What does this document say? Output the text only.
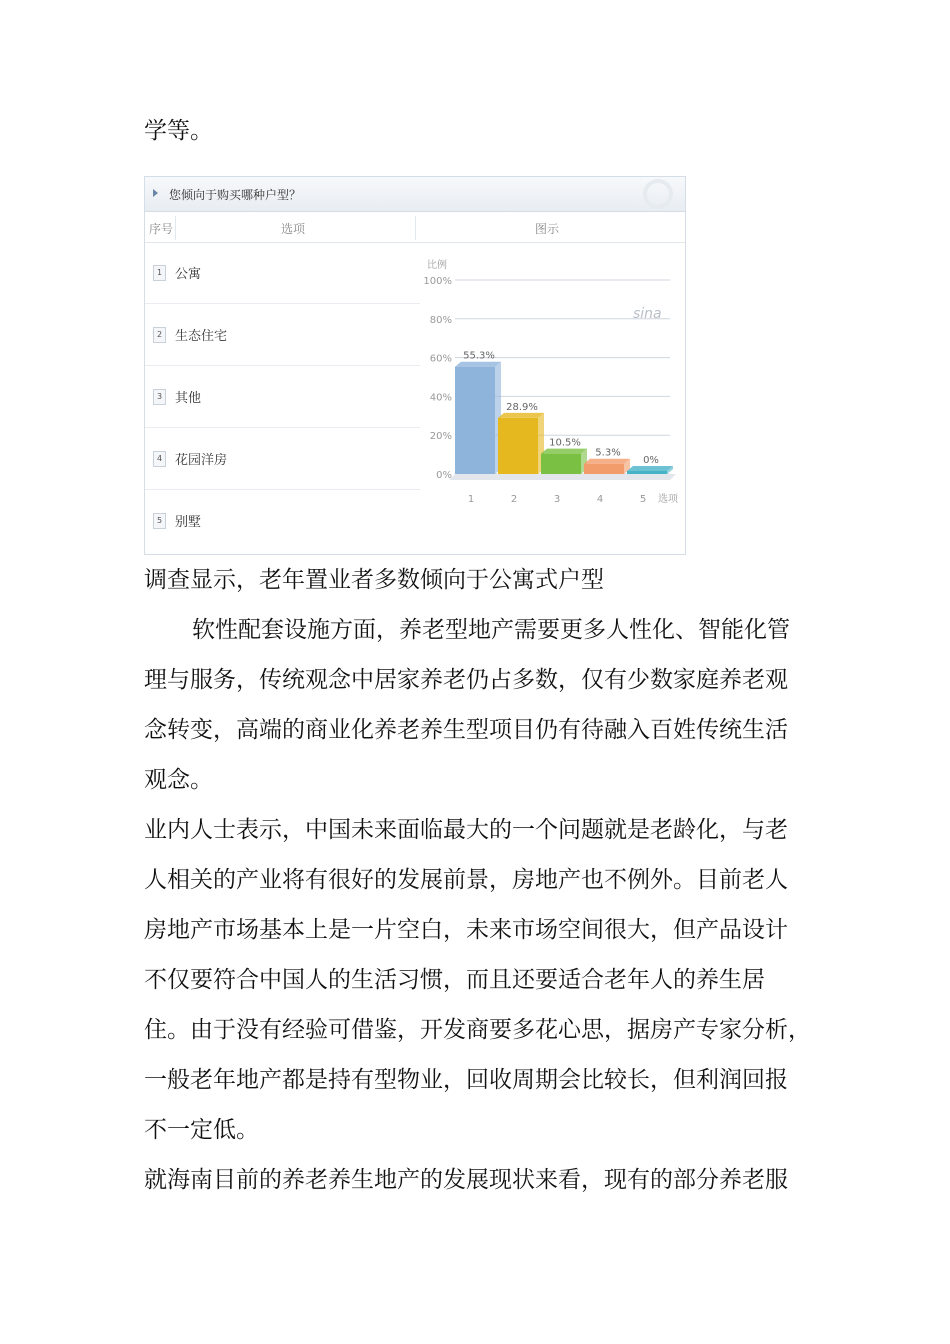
学等。

您倾向于购买哪种户型？
序号	选项	图示
1 公寓
2 生态住宅
3 其他
4 花园洋房
5 别墅
sina
0%
20%
40%
60%
80%
100%
比例
55.3%
1
28.9%
2
10.5%
3
5.3%
4
0%
5 选项

调查显示，老年置业者多数倾向于公寓式户型

软性配套设施方面，养老型地产需要更多人性化、智能化管

理与服务，传统观念中居家养老仍占多数，仅有少数家庭养老观

念转变，高端的商业化养老养生型项目仍有待融入百姓传统生活

观念。

业内人士表示，中国未来面临最大的一个问题就是老龄化，与老

人相关的产业将有很好的发展前景，房地产也不例外。目前老人

房地产市场基本上是一片空白，未来市场空间很大，但产品设计

不仅要符合中国人的生活习惯，而且还要适合老年人的养生居

住。由于没有经验可借鉴，开发商要多花心思，据房产专家分析，

一般老年地产都是持有型物业，回收周期会比较长，但利润回报

不一定低。

就海南目前的养老养生地产的发展现状来看，现有的部分养老服
